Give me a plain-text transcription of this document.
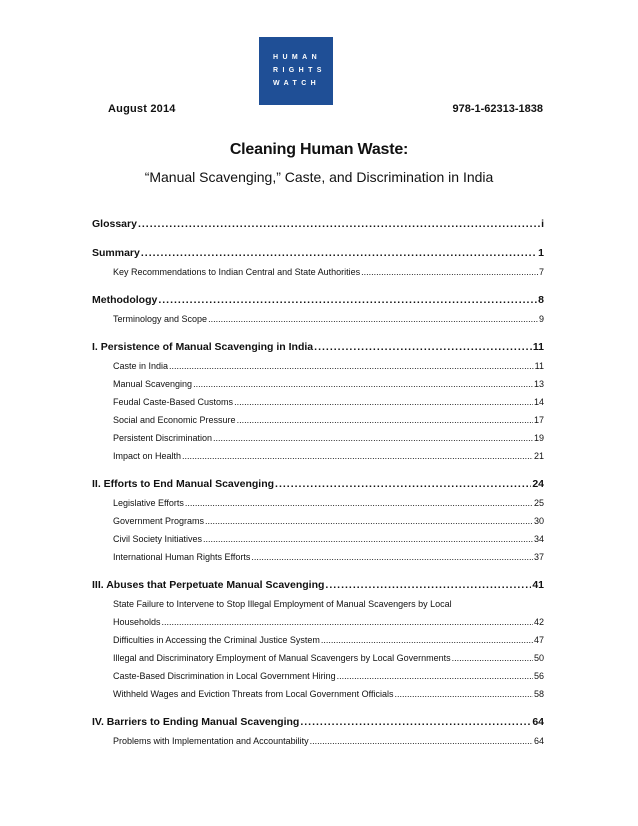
HUMAN
RIGHTS
WATCH
August 2014	978-1-62313-1838
Cleaning Human Waste:
“Manual Scavenging,” Caste, and Discrimination in India
Glossary .....	i
Summary .....	1
Key Recommendations to Indian Central and State Authorities .....	7
Methodology .....	8
Terminology and Scope .....	9
I. Persistence of Manual Scavenging in India .....	11
Caste in India .....	11
Manual Scavenging .....	13
Feudal Caste-Based Customs .....	14
Social and Economic Pressure .....	17
Persistent Discrimination .....	19
Impact on Health .....	21
II. Efforts to End Manual Scavenging .....	24
Legislative Efforts .....	25
Government Programs .....	30
Civil Society Initiatives .....	34
International Human Rights Efforts .....	37
III. Abuses that Perpetuate Manual Scavenging .....	41
State Failure to Intervene to Stop Illegal Employment of Manual Scavengers by Local
Households .....	42
Difficulties in Accessing the Criminal Justice System .....	47
Illegal and Discriminatory Employment of Manual Scavengers by Local Governments .....	50
Caste-Based Discrimination in Local Government Hiring .....	56
Withheld Wages and Eviction Threats from Local Government Officials .....	58
IV. Barriers to Ending Manual Scavenging .....	64
Problems with Implementation and Accountability .....	64
